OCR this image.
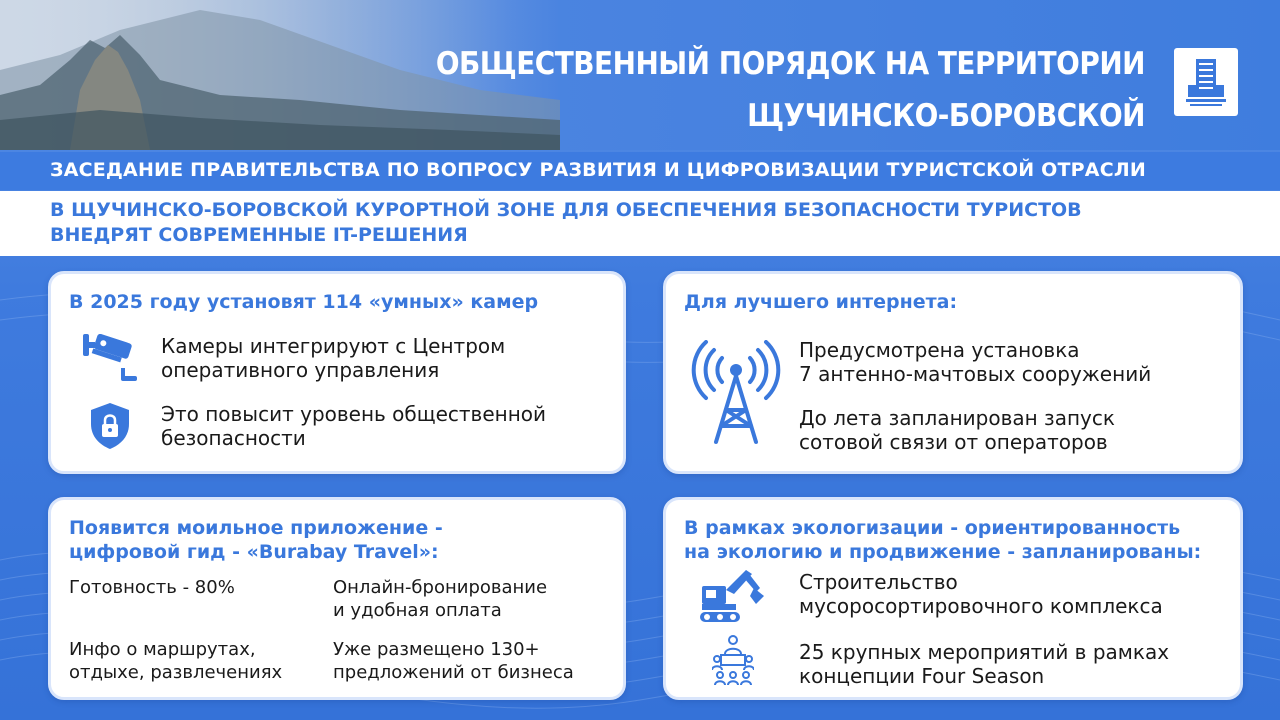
ОБЩЕСТВЕННЫЙ ПОРЯДОК НА ТЕРРИТОРИИ ЩУЧИНСКО-БОРОВСКОЙ
ЗАСЕДАНИЕ ПРАВИТЕЛЬСТВА ПО ВОПРОСУ РАЗВИТИЯ И ЦИФРОВИЗАЦИИ ТУРИСТСКОЙ ОТРАСЛИ
В ЩУЧИНСКО-БОРОВСКОЙ КУРОРТНОЙ ЗОНЕ ДЛЯ ОБЕСПЕЧЕНИЯ БЕЗОПАСНОСТИ ТУРИСТОВ
ВНЕДРЯТ СОВРЕМЕННЫЕ IT-РЕШЕНИЯ
В 2025 году установят 114 «умных» камер
Камеры интегрируют с Центром
оперативного управления
Это повысит уровень общественной
безопасности
Для лучшего интернета:
Предусмотрена установка
7 антенно-мачтовых сооружений
До лета запланирован запуск
сотовой связи от операторов
Появится моильное приложение -
цифровой гид - «Burabay Travel»:
Готовность - 80%	Онлайн-бронирование
и удобная оплата
Инфо о маршрутах,
отдыхе, развлечениях
Уже размещено 130+
предложений от бизнеса
В рамках экологизации - ориентированность
на экологию и продвижение - запланированы:
Строительство
мусоросортировочного комплекса
25 крупных мероприятий в рамках
концепции Four Season
